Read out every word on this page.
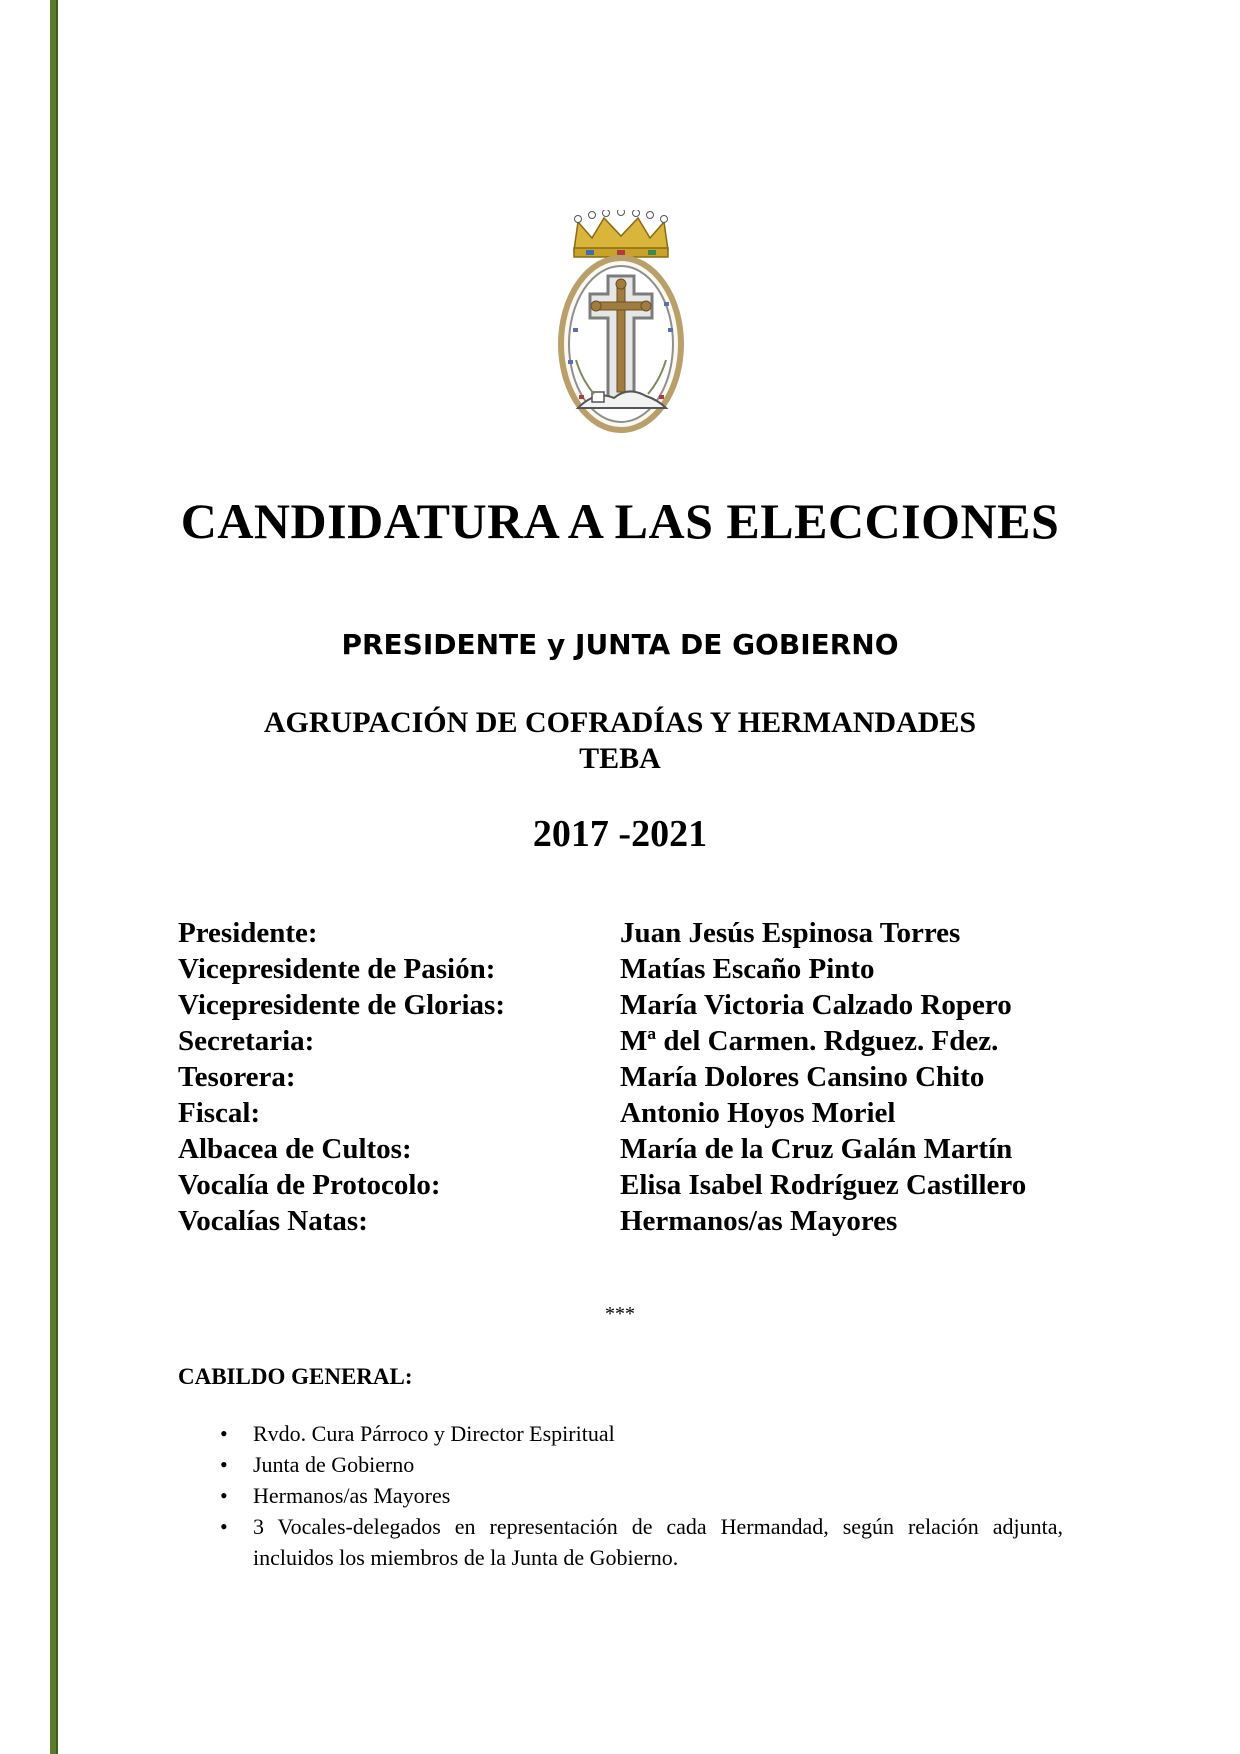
CANDIDATURA A LAS ELECCIONES
PRESIDENTE y JUNTA DE GOBIERNO
AGRUPACIÓN DE COFRADÍAS Y HERMANDADES
TEBA
2017 -2021
Presidente:	Juan Jesús Espinosa Torres
Vicepresidente de Pasión:	Matías Escaño Pinto
Vicepresidente de Glorias:	María Victoria Calzado Ropero
Secretaria:	Mª del Carmen. Rdguez. Fdez.
Tesorera:	María Dolores Cansino Chito
Fiscal:	Antonio Hoyos Moriel
Albacea de Cultos:	María de la Cruz Galán Martín
Vocalía de Protocolo:	Elisa Isabel Rodríguez Castillero
Vocalías Natas:	Hermanos/as Mayores
***
CABILDO GENERAL:
• Rvdo. Cura Párroco y Director Espiritual
• Junta de Gobierno
• Hermanos/as Mayores
• 3 Vocales-delegados en representación de cada Hermandad, según relación adjunta, incluidos los miembros de la Junta de Gobierno.
